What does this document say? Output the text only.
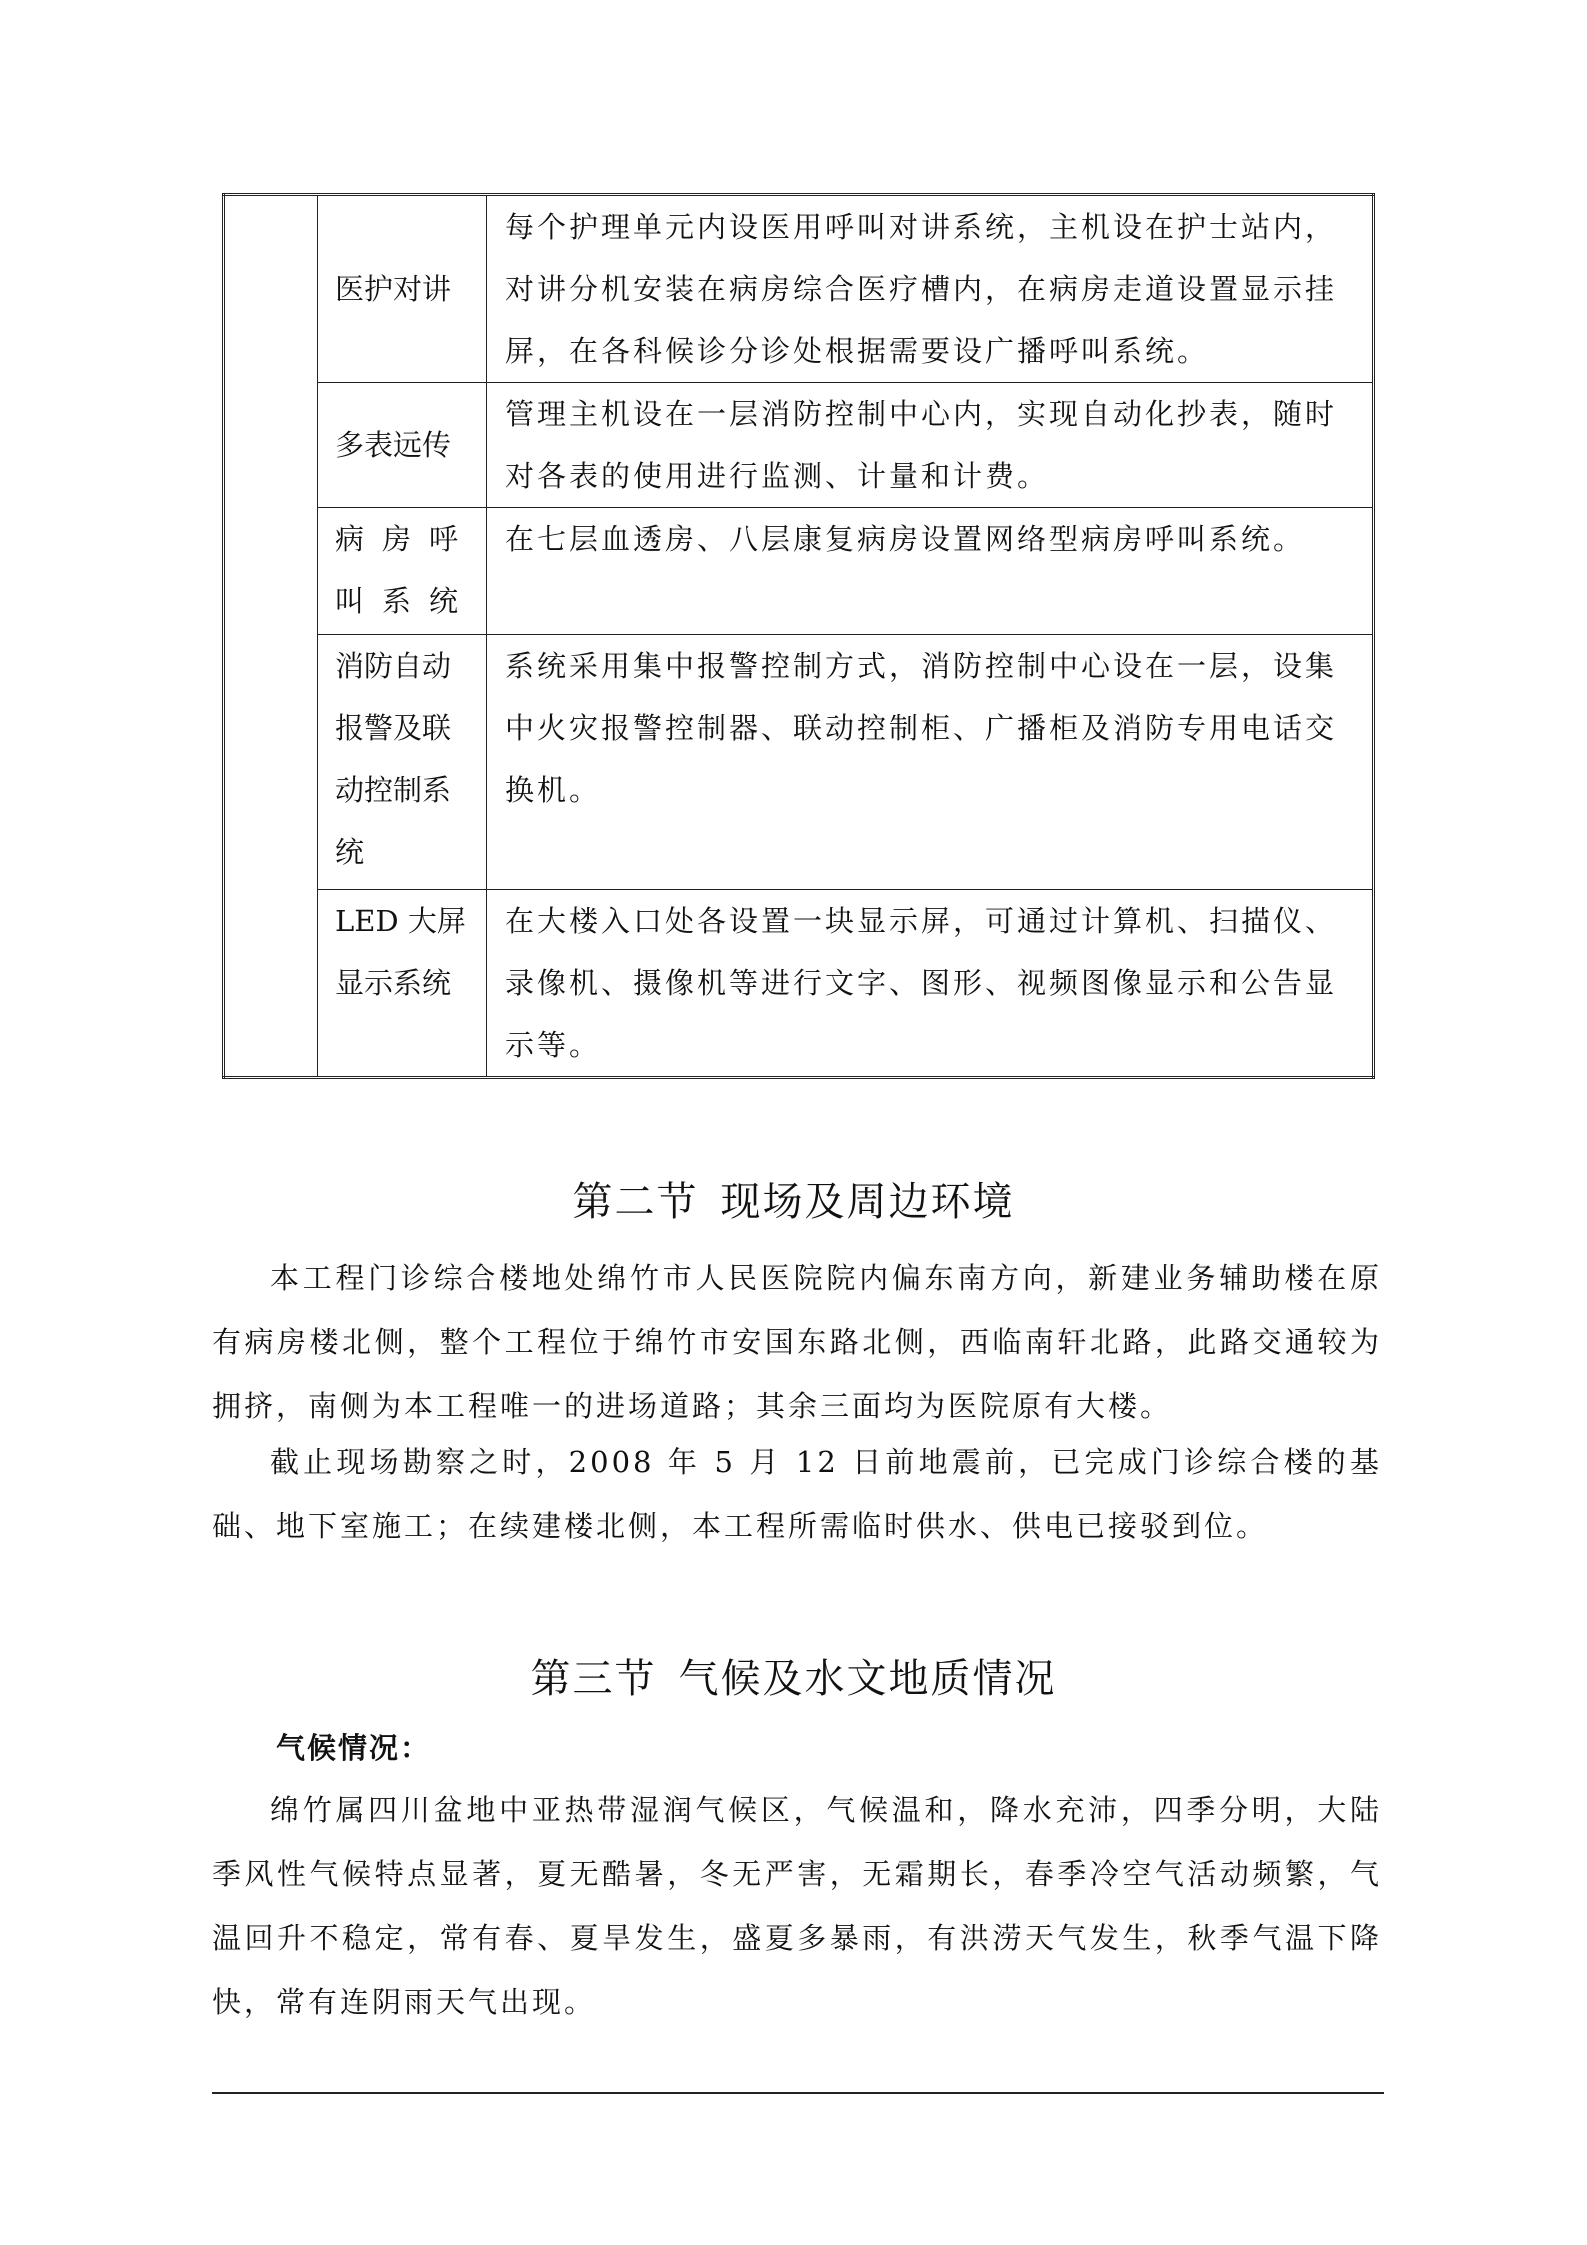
	医护对讲	每个护理单元内设医用呼叫对讲系统，主机设在护士站内，对讲分机安装在病房综合医疗槽内，在病房走道设置显示挂屏，在各科候诊分诊处根据需要设广播呼叫系统。
	多表远传	管理主机设在一层消防控制中心内，实现自动化抄表，随时对各表的使用进行监测、计量和计费。
	病房呼叫系统	在七层血透房、八层康复病房设置网络型病房呼叫系统。
	消防自动报警及联动控制系统	系统采用集中报警控制方式，消防控制中心设在一层，设集中火灾报警控制器、联动控制柜、广播柜及消防专用电话交换机。
	LED 大屏显示系统	在大楼入口处各设置一块显示屏，可通过计算机、扫描仪、录像机、摄像机等进行文字、图形、视频图像显示和公告显示等。
第二节 现场及周边环境

本工程门诊综合楼地处绵竹市人民医院院内偏东南方向，新建业务辅助楼在原有病房楼北侧，整个工程位于绵竹市安国东路北侧，西临南轩北路，此路交通较为拥挤，南侧为本工程唯一的进场道路；其余三面均为医院原有大楼。

截止现场勘察之时，2008 年 5 月 12 日前地震前，已完成门诊综合楼的基础、地下室施工；在续建楼北侧，本工程所需临时供水、供电已接驳到位。

第三节 气候及水文地质情况

气候情况：

绵竹属四川盆地中亚热带湿润气候区，气候温和，降水充沛，四季分明，大陆季风性气候特点显著，夏无酷暑，冬无严害，无霜期长，春季冷空气活动频繁，气温回升不稳定，常有春、夏旱发生，盛夏多暴雨，有洪涝天气发生，秋季气温下降快，常有连阴雨天气出现。
